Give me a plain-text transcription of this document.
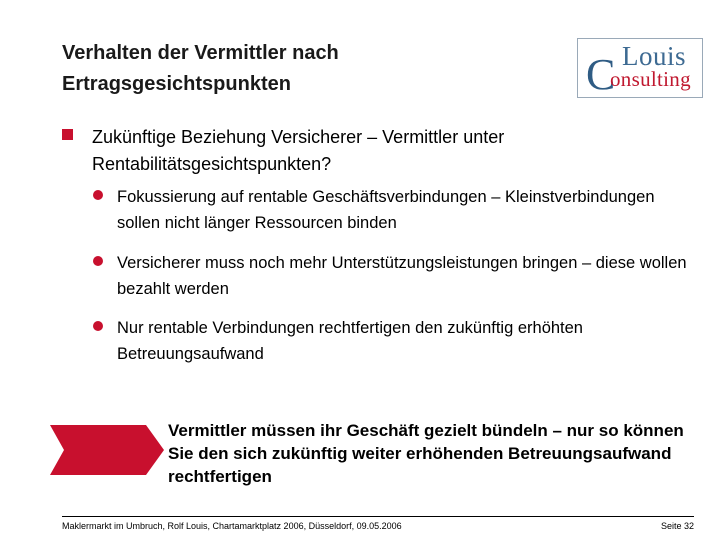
Verhalten der Vermittler nach
Ertragsgesichtspunkten
Louis
C
onsulting
Zukünftige Beziehung Versicherer – Vermittler unter Rentabilitätsgesichtspunkten?
Fokussierung auf rentable Geschäftsverbindungen – Kleinstverbindungen sollen nicht länger Ressourcen binden
Versicherer muss noch mehr Unterstützungsleistungen bringen – diese wollen bezahlt werden
Nur rentable Verbindungen rechtfertigen den zukünftig erhöhten Betreuungsaufwand
Vermittler müssen ihr Geschäft gezielt bündeln – nur so können Sie den sich zukünftig weiter erhöhenden Betreuungsaufwand rechtfertigen
Maklermarkt im Umbruch, Rolf Louis, Chartamarktplatz 2006, Düsseldorf, 09.05.2006	Seite 32
